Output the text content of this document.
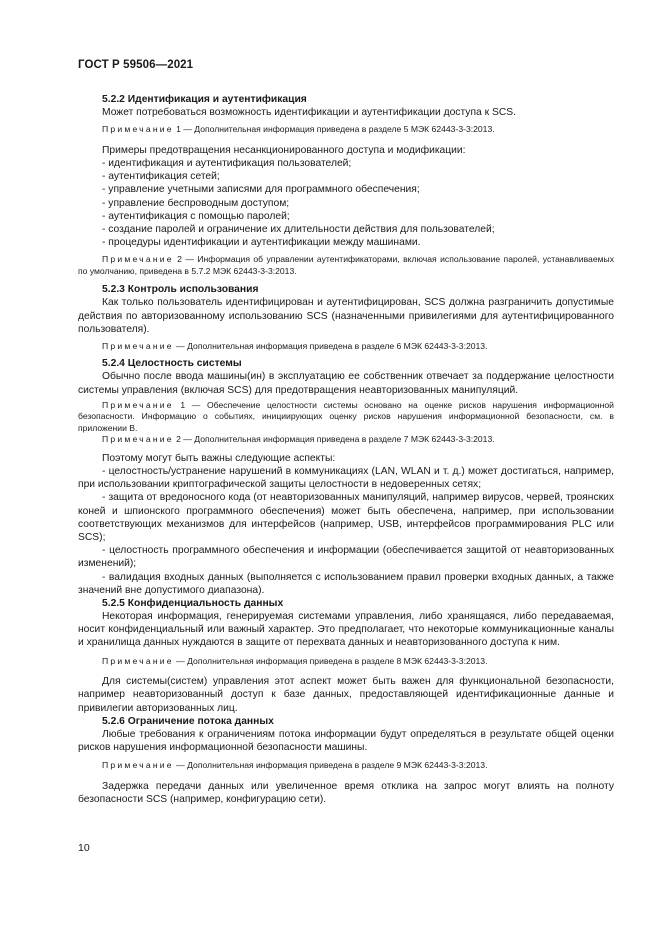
ГОСТ Р 59506—2021
5.2.2 Идентификация и аутентификация
Может потребоваться возможность идентификации и аутентификации доступа к SCS.
Примечание 1 — Дополнительная информация приведена в разделе 5 МЭК 62443-3-3:2013.
Примеры предотвращения несанкционированного доступа и модификации:
- идентификация и аутентификация пользователей;
- аутентификация сетей;
- управление учетными записями для программного обеспечения;
- управление беспроводным доступом;
- аутентификация с помощью паролей;
- создание паролей и ограничение их длительности действия для пользователей;
- процедуры идентификации и аутентификации между машинами.
Примечание 2 — Информация об управлении аутентификаторами, включая использование паролей, устанавливаемых по умолчанию, приведена в 5.7.2 МЭК 62443-3-3:2013.
5.2.3 Контроль использования
Как только пользователь идентифицирован и аутентифицирован, SCS должна разграничить допустимые действия по авторизованному использованию SCS (назначенными привилегиями для аутентифицированного пользователя).
Примечание — Дополнительная информация приведена в разделе 6 МЭК 62443-3-3:2013.
5.2.4 Целостность системы
Обычно после ввода машины(ин) в эксплуатацию ее собственник отвечает за поддержание целостности системы управления (включая SCS) для предотвращения неавторизованных манипуляций.
Примечание 1 — Обеспечение целостности системы основано на оценке рисков нарушения информационной безопасности. Информацию о событиях, инициирующих оценку рисков нарушения информационной безопасности, см. в приложении В.
Примечание 2 — Дополнительная информация приведена в разделе 7 МЭК 62443-3-3:2013.
Поэтому могут быть важны следующие аспекты:
- целостность/устранение нарушений в коммуникациях (LAN, WLAN и т. д.) может достигаться, например, при использовании криптографической защиты целостности в недоверенных сетях;
- защита от вредоносного кода (от неавторизованных манипуляций, например вирусов, червей, троянских коней и шпионского программного обеспечения) может быть обеспечена, например, при использовании соответствующих механизмов для интерфейсов (например, USB, интерфейсов программирования PLC или SCS);
- целостность программного обеспечения и информации (обеспечивается защитой от неавторизованных изменений);
- валидация входных данных (выполняется с использованием правил проверки входных данных, а также значений вне допустимого диапазона).
5.2.5 Конфиденциальность данных
Некоторая информация, генерируемая системами управления, либо хранящаяся, либо передаваемая, носит конфиденциальный или важный характер. Это предполагает, что некоторые коммуникационные каналы и хранилища данных нуждаются в защите от перехвата данных и неавторизованного доступа к ним.
Примечание — Дополнительная информация приведена в разделе 8 МЭК 62443-3-3:2013.
Для системы(систем) управления этот аспект может быть важен для функциональной безопасности, например неавторизованный доступ к базе данных, предоставляющей идентификационные данные и привилегии авторизованных лиц.
5.2.6 Ограничение потока данных
Любые требования к ограничениям потока информации будут определяться в результате общей оценки рисков нарушения информационной безопасности машины.
Примечание — Дополнительная информация приведена в разделе 9 МЭК 62443-3-3:2013.
Задержка передачи данных или увеличенное время отклика на запрос могут влиять на полноту безопасности SCS (например, конфигурацию сети).
10
